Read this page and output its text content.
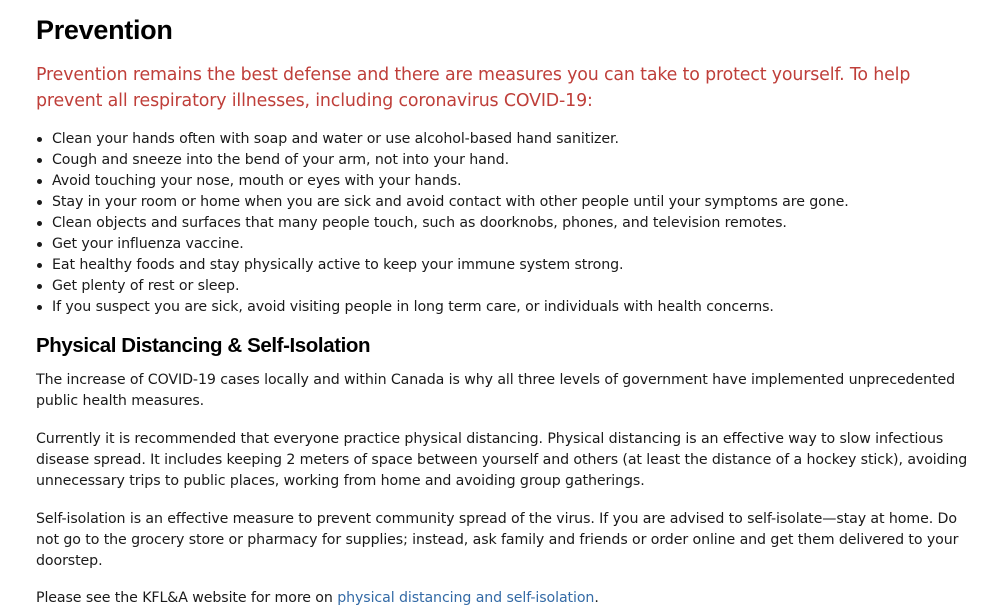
Prevention

Prevention remains the best defense and there are measures you can take to protect yourself. To help prevent all respiratory illnesses, including coronavirus COVID-19:

Clean your hands often with soap and water or use alcohol-based hand sanitizer.
Cough and sneeze into the bend of your arm, not into your hand.
Avoid touching your nose, mouth or eyes with your hands.
Stay in your room or home when you are sick and avoid contact with other people until your symptoms are gone.
Clean objects and surfaces that many people touch, such as doorknobs, phones, and television remotes.
Get your influenza vaccine.
Eat healthy foods and stay physically active to keep your immune system strong.
Get plenty of rest or sleep.
If you suspect you are sick, avoid visiting people in long term care, or individuals with health concerns.
Physical Distancing & Self-Isolation

The increase of COVID-19 cases locally and within Canada is why all three levels of government have implemented unprecedented public health measures.

Currently it is recommended that everyone practice physical distancing. Physical distancing is an effective way to slow infectious disease spread. It includes keeping 2 meters of space between yourself and others (at least the distance of a hockey stick), avoiding unnecessary trips to public places, working from home and avoiding group gatherings.

Self-isolation is an effective measure to prevent community spread of the virus. If you are advised to self-isolate—stay at home. Do not go to the grocery store or pharmacy for supplies; instead, ask family and friends or order online and get them delivered to your doorstep.

Please see the KFL&A website for more on physical distancing and self-isolation.
